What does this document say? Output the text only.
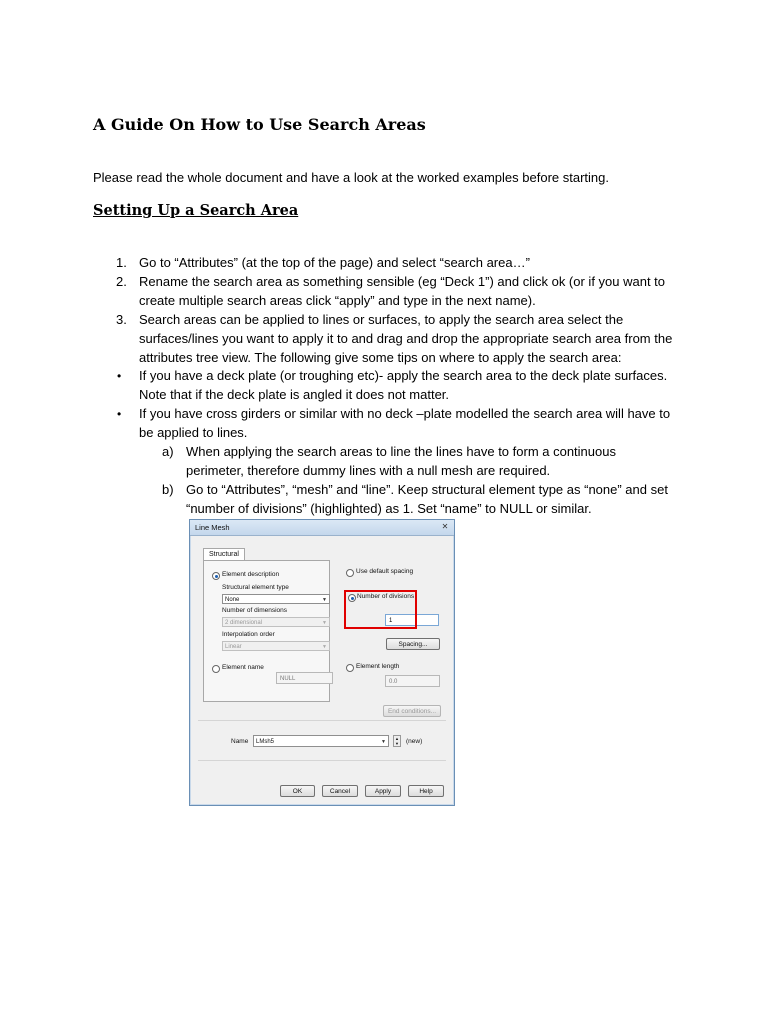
A Guide On How to Use Search Areas

Please read the whole document and have a look at the worked examples before starting.

Setting Up a Search Area
1. Go to “Attributes” (at the top of the page) and select “search area…”
2. Rename the search area as something sensible (eg “Deck 1”) and click ok (or if you want to create multiple search areas click “apply” and type in the next name).
3. Search areas can be applied to lines or surfaces, to apply the search area select the surfaces/lines you want to apply it to and drag and drop the appropriate search area from the attributes tree view. The following give some tips on where to apply the search area:
• If you have a deck plate (or troughing etc)- apply the search area to the deck plate surfaces. Note that if the deck plate is angled it does not matter.
• If you have cross girders or similar with no deck –plate modelled the search area will have to be applied to lines.
a) When applying the search areas to line the lines have to form a continuous perimeter, therefore dummy lines with a null mesh are required.
b) Go to “Attributes”, “mesh” and “line”. Keep structural element type as “none” and set “number of divisions” (highlighted) as 1. Set “name” to NULL or similar.
Line Mesh	✕
Structural
Element description
Structural element type
None	▼
Number of dimensions
2 dimensional	▼
Interpolation order
Linear	▼
Element name
NULL
Use default spacing
Number of divisions
1
Spacing...
Element length
0.0
End conditions...
Name	LMsh5	▼
▲
▼ (new)
OK	Cancel	Apply	Help
